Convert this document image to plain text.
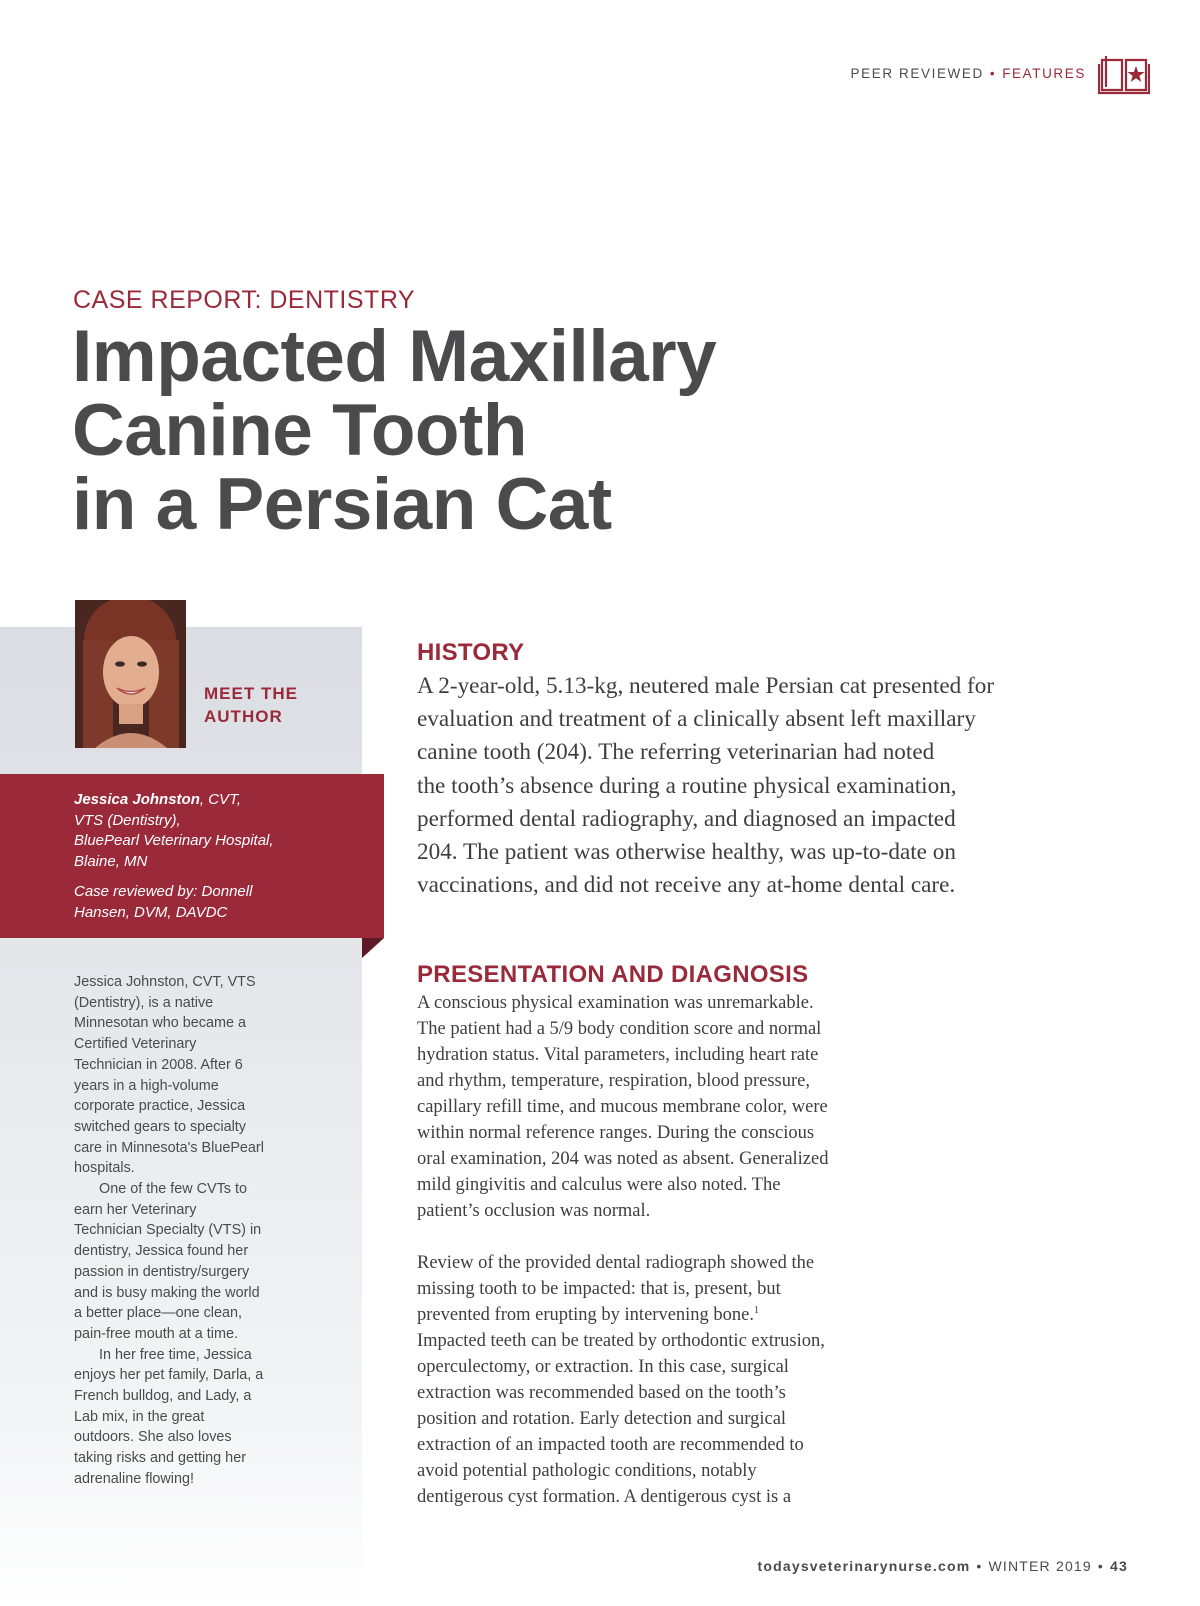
PEER REVIEWED • FEATURES
CASE REPORT: DENTISTRY
Impacted Maxillary
Canine Tooth
in a Persian Cat
MEET THE
AUTHOR
Jessica Johnston, CVT,
VTS (Dentistry),
BluePearl Veterinary Hospital,
Blaine, MN
Case reviewed by: Donnell
Hansen, DVM, DAVDC
Jessica Johnston, CVT, VTS
(Dentistry), is a native
Minnesotan who became a
Certified Veterinary
Technician in 2008. After 6
years in a high-volume
corporate practice, Jessica
switched gears to specialty
care in Minnesota's BluePearl
hospitals.
One of the few CVTs to
earn her Veterinary
Technician Specialty (VTS) in
dentistry, Jessica found her
passion in dentistry/surgery
and is busy making the world
a better place—one clean,
pain-free mouth at a time.
In her free time, Jessica
enjoys her pet family, Darla, a
French bulldog, and Lady, a
Lab mix, in the great
outdoors. She also loves
taking risks and getting her
adrenaline flowing!
HISTORY
A 2-year-old, 5.13-kg, neutered male Persian cat presented for
evaluation and treatment of a clinically absent left maxillary
canine tooth (204). The referring veterinarian had noted
the tooth’s absence during a routine physical examination,
performed dental radiography, and diagnosed an impacted
204. The patient was otherwise healthy, was up-to-date on
vaccinations, and did not receive any at-home dental care.
PRESENTATION AND DIAGNOSIS
A conscious physical examination was unremarkable.
The patient had a 5/9 body condition score and normal
hydration status. Vital parameters, including heart rate
and rhythm, temperature, respiration, blood pressure,
capillary refill time, and mucous membrane color, were
within normal reference ranges. During the conscious
oral examination, 204 was noted as absent. Generalized
mild gingivitis and calculus were also noted. The
patient’s occlusion was normal.
Review of the provided dental radiograph showed the
missing tooth to be impacted: that is, present, but
prevented from erupting by intervening bone.$^1$
Impacted teeth can be treated by orthodontic extrusion,
operculectomy, or extraction. In this case, surgical
extraction was recommended based on the tooth’s
position and rotation. Early detection and surgical
extraction of an impacted tooth are recommended to
avoid potential pathologic conditions, notably
dentigerous cyst formation. A dentigerous cyst is a
todaysveterinarynurse.com • WINTER 2019 • 43
